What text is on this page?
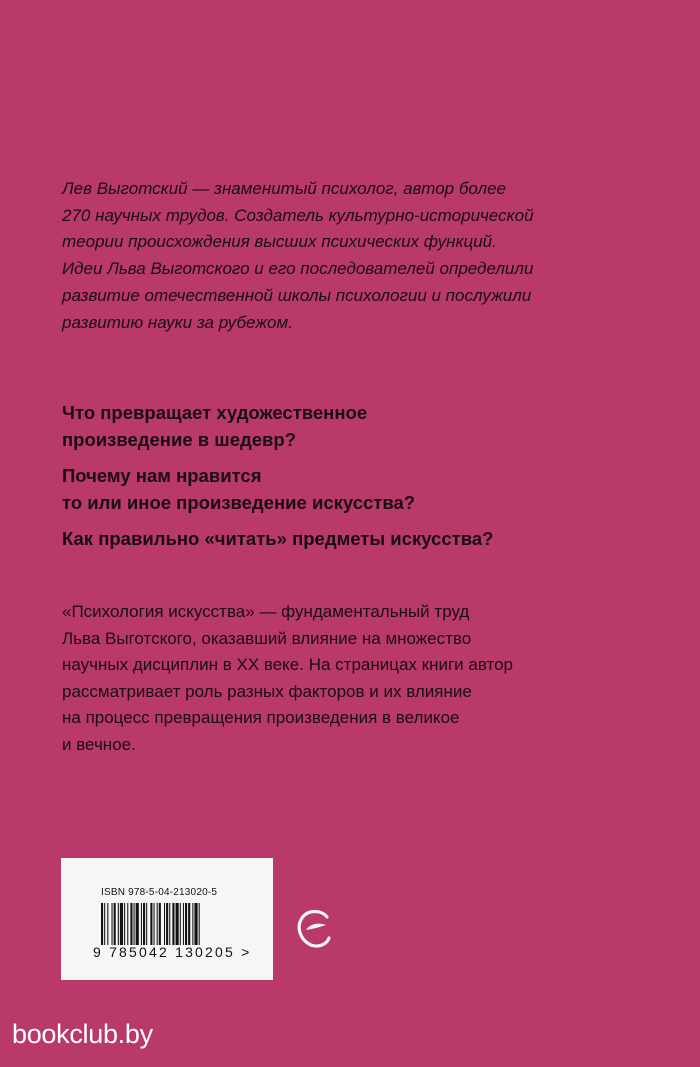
Лев Выготский — знаменитый психолог, автор более
270 научных трудов. Создатель культурно-исторической
теории происхождения высших психических функций.
Идеи Льва Выготского и его последователей определили
развитие отечественной школы психологии и послужили
развитию науки за рубежом.

Что превращает художественное
произведение в шедевр?

Почему нам нравится
то или иное произведение искусства?

Как правильно «читать» предметы искусства?

«Психология искусства» — фундаментальный труд
Льва Выготского, оказавший влияние на множество
научных дисциплин в XX веке. На страницах книги автор
рассматривает роль разных факторов и их влияние
на процесс превращения произведения в великое
и вечное.

ISBN 978-5-04-213020-5
9 785042 130205 >
bookclub.by
